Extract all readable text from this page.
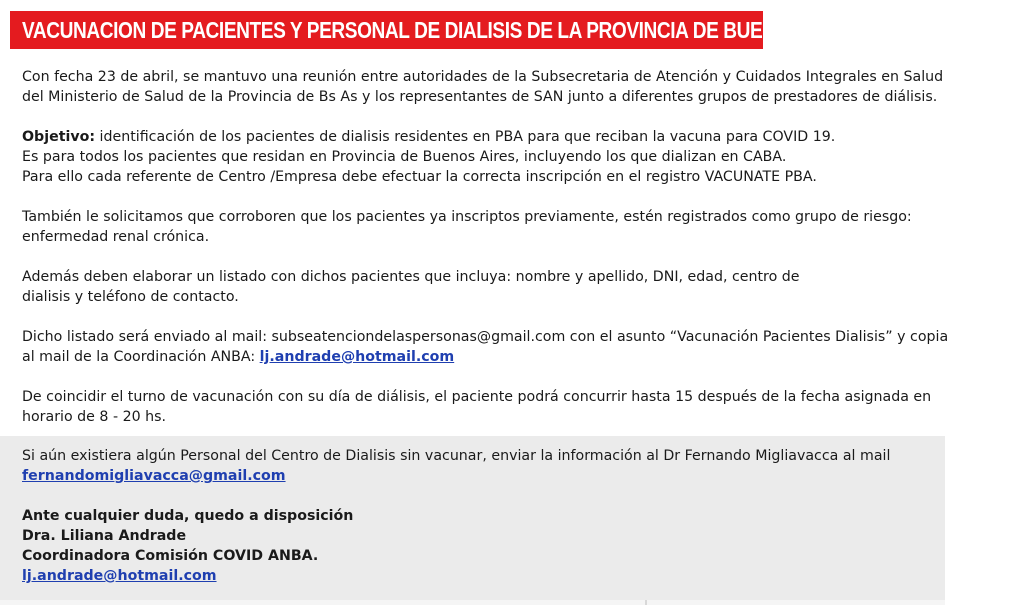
VACUNACION DE PACIENTES Y PERSONAL DE DIALISIS DE LA PROVINCIA DE BUENOS AIRES
Con fecha 23 de abril, se mantuvo una reunión entre autoridades de la Subsecretaria de Atención y Cuidados Integrales en Salud
del Ministerio de Salud de la Provincia de Bs As y los representantes de SAN junto a diferentes grupos de prestadores de diálisis.
Objetivo: identificación de los pacientes de dialisis residentes en PBA para que reciban la vacuna para COVID 19.
Es para todos los pacientes que residan en Provincia de Buenos Aires, incluyendo los que dializan en CABA.
Para ello cada referente de Centro /Empresa debe efectuar la correcta inscripción en el registro VACUNATE PBA.
También le solicitamos que corroboren que los pacientes ya inscriptos previamente, estén registrados como grupo de riesgo:
enfermedad renal crónica.
Además deben elaborar un listado con dichos pacientes que incluya: nombre y apellido, DNI, edad, centro de
dialisis y teléfono de contacto.
Dicho listado será enviado al mail: subseatenciondelaspersonas@gmail.com con el asunto “Vacunación Pacientes Dialisis” y copia
al mail de la Coordinación ANBA: lj.andrade@hotmail.com
De coincidir el turno de vacunación con su día de diálisis, el paciente podrá concurrir hasta 15 después de la fecha asignada en
horario de 8 - 20 hs.
Si aún existiera algún Personal del Centro de Dialisis sin vacunar, enviar la información al Dr Fernando Migliavacca al mail
fernandomigliavacca@gmail.com
Ante cualquier duda, quedo a disposición
Dra. Liliana Andrade
Coordinadora Comisión COVID ANBA.
lj.andrade@hotmail.com
